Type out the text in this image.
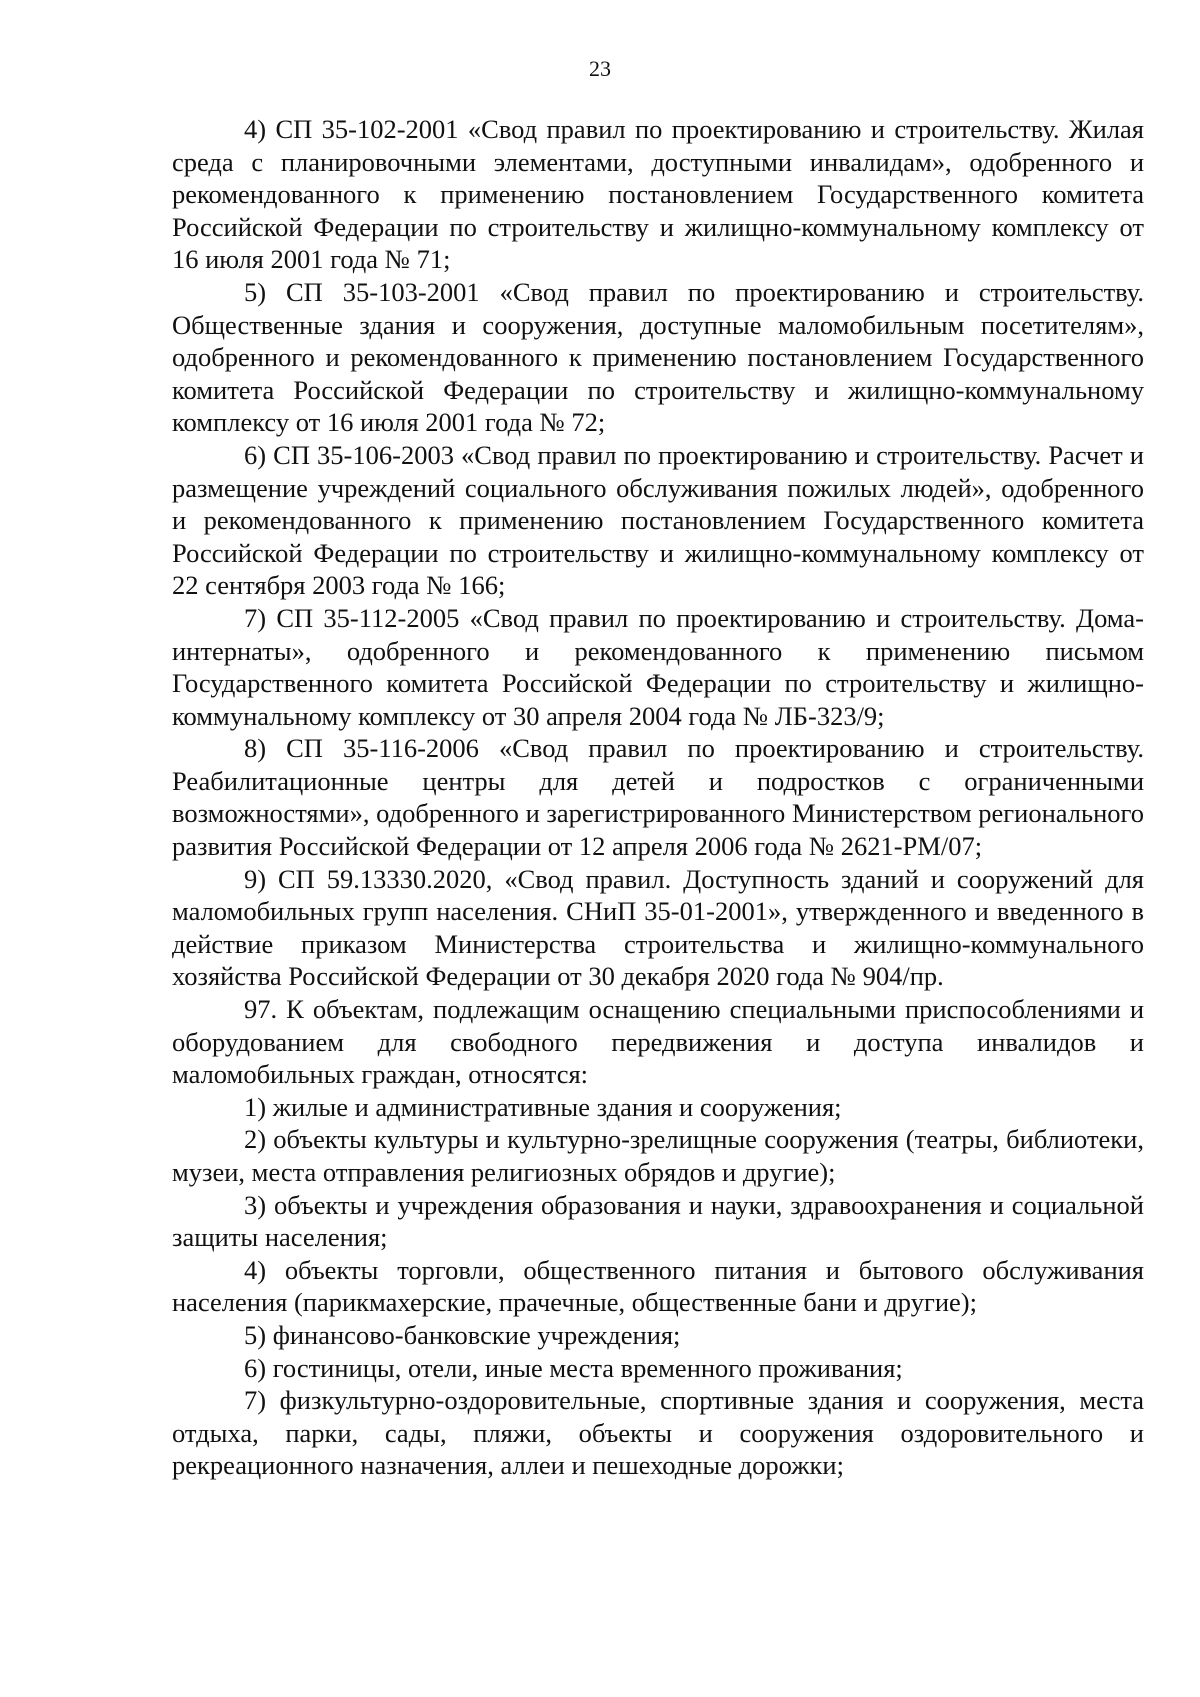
23

4) СП 35-102-2001 «Свод правил по проектированию и строительству. Жилая среда с планировочными элементами, доступными инвалидам», одобренного и рекомендованного к применению постановлением Государственного комитета Российской Федерации по строительству и жилищно-коммунальному комплексу от 16 июля 2001 года № 71;

5) СП 35-103-2001 «Свод правил по проектированию и строительству. Общественные здания и сооружения, доступные маломобильным посетителям», одобренного и рекомендованного к применению постановлением Государственного комитета Российской Федерации по строительству и жилищно-коммунальному комплексу от 16 июля 2001 года № 72;

6) СП 35-106-2003 «Свод правил по проектированию и строительству. Расчет и размещение учреждений социального обслуживания пожилых людей», одобренного и рекомендованного к применению постановлением Государственного комитета Российской Федерации по строительству и жилищно-коммунальному комплексу от 22 сентября 2003 года № 166;

7) СП 35-112-2005 «Свод правил по проектированию и строительству. Дома-интернаты», одобренного и рекомендованного к применению письмом Государственного комитета Российской Федерации по строительству и жилищно-коммунальному комплексу от 30 апреля 2004 года № ЛБ-323/9;

8) СП 35-116-2006 «Свод правил по проектированию и строительству. Реабилитационные центры для детей и подростков с ограниченными возможностями», одобренного и зарегистрированного Министерством регионального развития Российской Федерации от 12 апреля 2006 года № 2621-РМ/07;

9) СП 59.13330.2020, «Свод правил. Доступность зданий и сооружений для маломобильных групп населения. СНиП 35-01-2001», утвержденного и введенного в действие приказом Министерства строительства и жилищно-коммунального хозяйства Российской Федерации от 30 декабря 2020 года № 904/пр.

97. К объектам, подлежащим оснащению специальными приспособлениями и оборудованием для свободного передвижения и доступа инвалидов и маломобильных граждан, относятся:

1) жилые и административные здания и сооружения;

2) объекты культуры и культурно-зрелищные сооружения (театры, библиотеки, музеи, места отправления религиозных обрядов и другие);

3) объекты и учреждения образования и науки, здравоохранения и социальной защиты населения;

4) объекты торговли, общественного питания и бытового обслуживания населения (парикмахерские, прачечные, общественные бани и другие);

5) финансово-банковские учреждения;

6) гостиницы, отели, иные места временного проживания;

7) физкультурно-оздоровительные, спортивные здания и сооружения, места отдыха, парки, сады, пляжи, объекты и сооружения оздоровительного и рекреационного назначения, аллеи и пешеходные дорожки;
